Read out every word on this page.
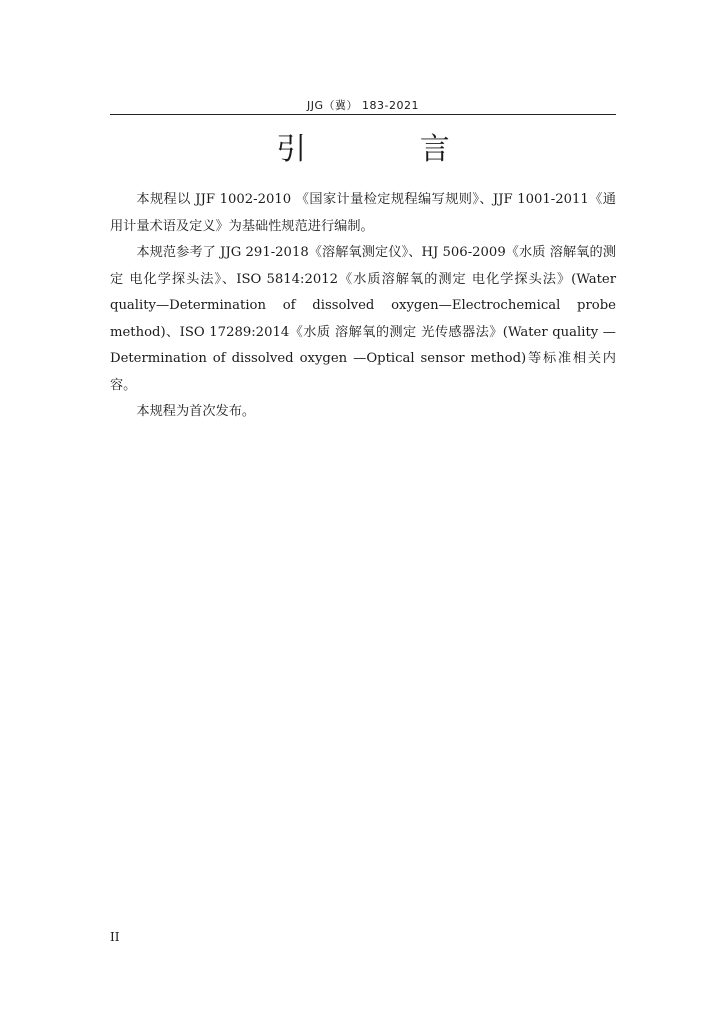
JJG（冀） 183-2021
引 言

本规程以 JJF 1002-2010 《国家计量检定规程编写规则》、JJF 1001-2011《通用计量术语及定义》为基础性规范进行编制。

本规范参考了 JJG 291-2018《溶解氧测定仪》、HJ 506-2009《水质 溶解氧的测定 电化学探头法》、ISO 5814:2012《水质溶解氧的测定 电化学探头法》(Water quality—Determination of dissolved oxygen—Electrochemical probe method)、ISO 17289:2014《水质 溶解氧的测定 光传感器法》(Water quality —Determination of dissolved oxygen —Optical sensor method)等标准相关内容。

本规程为首次发布。

II
